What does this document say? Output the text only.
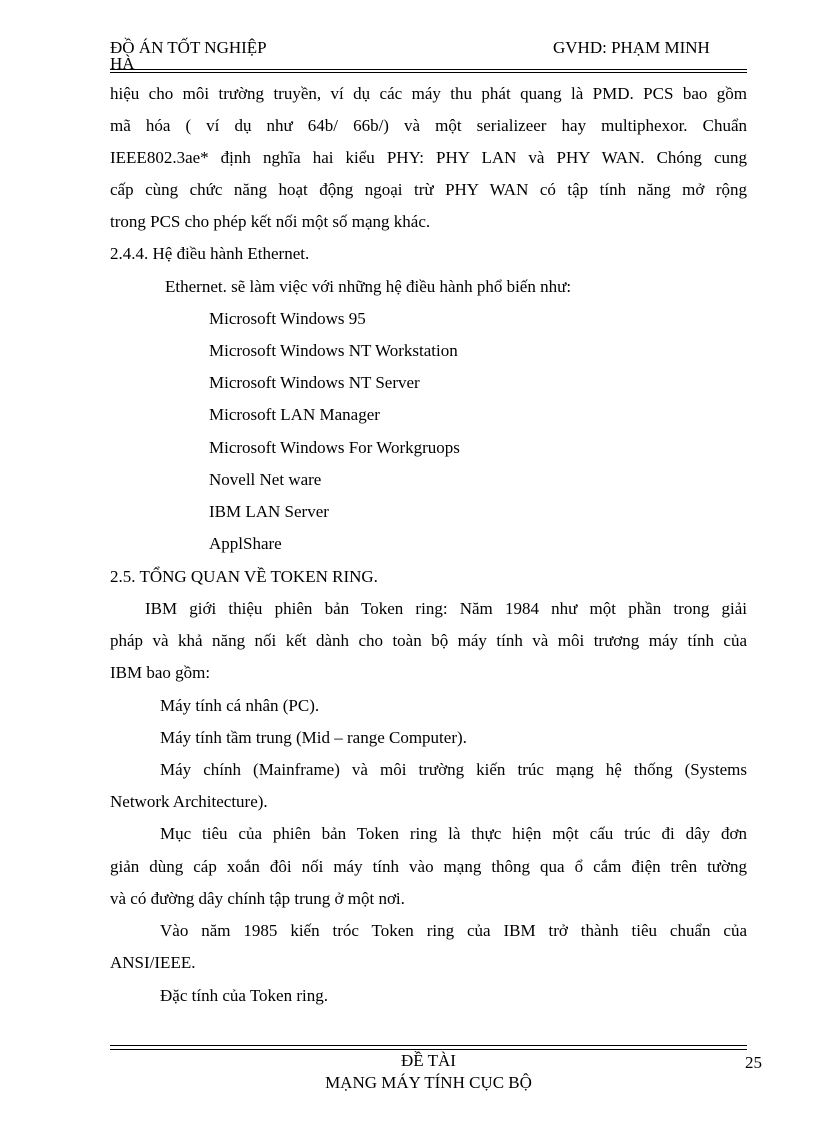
ĐỒ ÁN TỐT NGHIỆP
HÀ
GVHD: PHẠM MINH
hiệu cho môi trường truyền, ví dụ các máy thu phát quang là PMD. PCS bao gồm
mã hóa ( ví dụ như 64b/ 66b/) và một serializeer hay multiphexor. Chuẩn
IEEE802.3ae* định nghĩa hai kiểu PHY: PHY LAN và PHY WAN. Chóng cung
cấp cùng chức năng hoạt động ngoại trừ PHY WAN có tập tính năng mở rộng
trong PCS cho phép kết nối một số mạng khác.
2.4.4. Hệ điều hành Ethernet.
Ethernet. sẽ làm việc với những hệ điều hành phổ biến như:
Microsoft Windows 95
Microsoft Windows NT Workstation
Microsoft Windows NT Server
Microsoft LAN Manager
Microsoft Windows For Workgruops
Novell Net ware
IBM LAN Server
ApplShare
2.5. TỔNG QUAN VỀ TOKEN RING.
IBM giới thiệu phiên bản Token ring: Năm 1984 như một phần trong giải
pháp và khả năng nối kết dành cho toàn bộ máy tính và môi trương máy tính của
IBM bao gồm:
Máy tính cá nhân (PC).
Máy tính tầm trung (Mid – range Computer).
Máy chính (Mainframe) và môi trường kiến trúc mạng hệ thống (Systems
Network Architecture).
Mục tiêu của phiên bản Token ring là thực hiện một cấu trúc đi dây đơn
giản dùng cáp xoắn đôi nối máy tính vào mạng thông qua ổ cắm điện trên tường
và có đường dây chính tập trung ở một nơi.
Vào năm 1985 kiến tróc Token ring của IBM trở thành tiêu chuẩn của
ANSI/IEEE.
Đặc tính của Token ring.
ĐỀ TÀI	25
MẠNG MÁY TÍNH CỤC BỘ
